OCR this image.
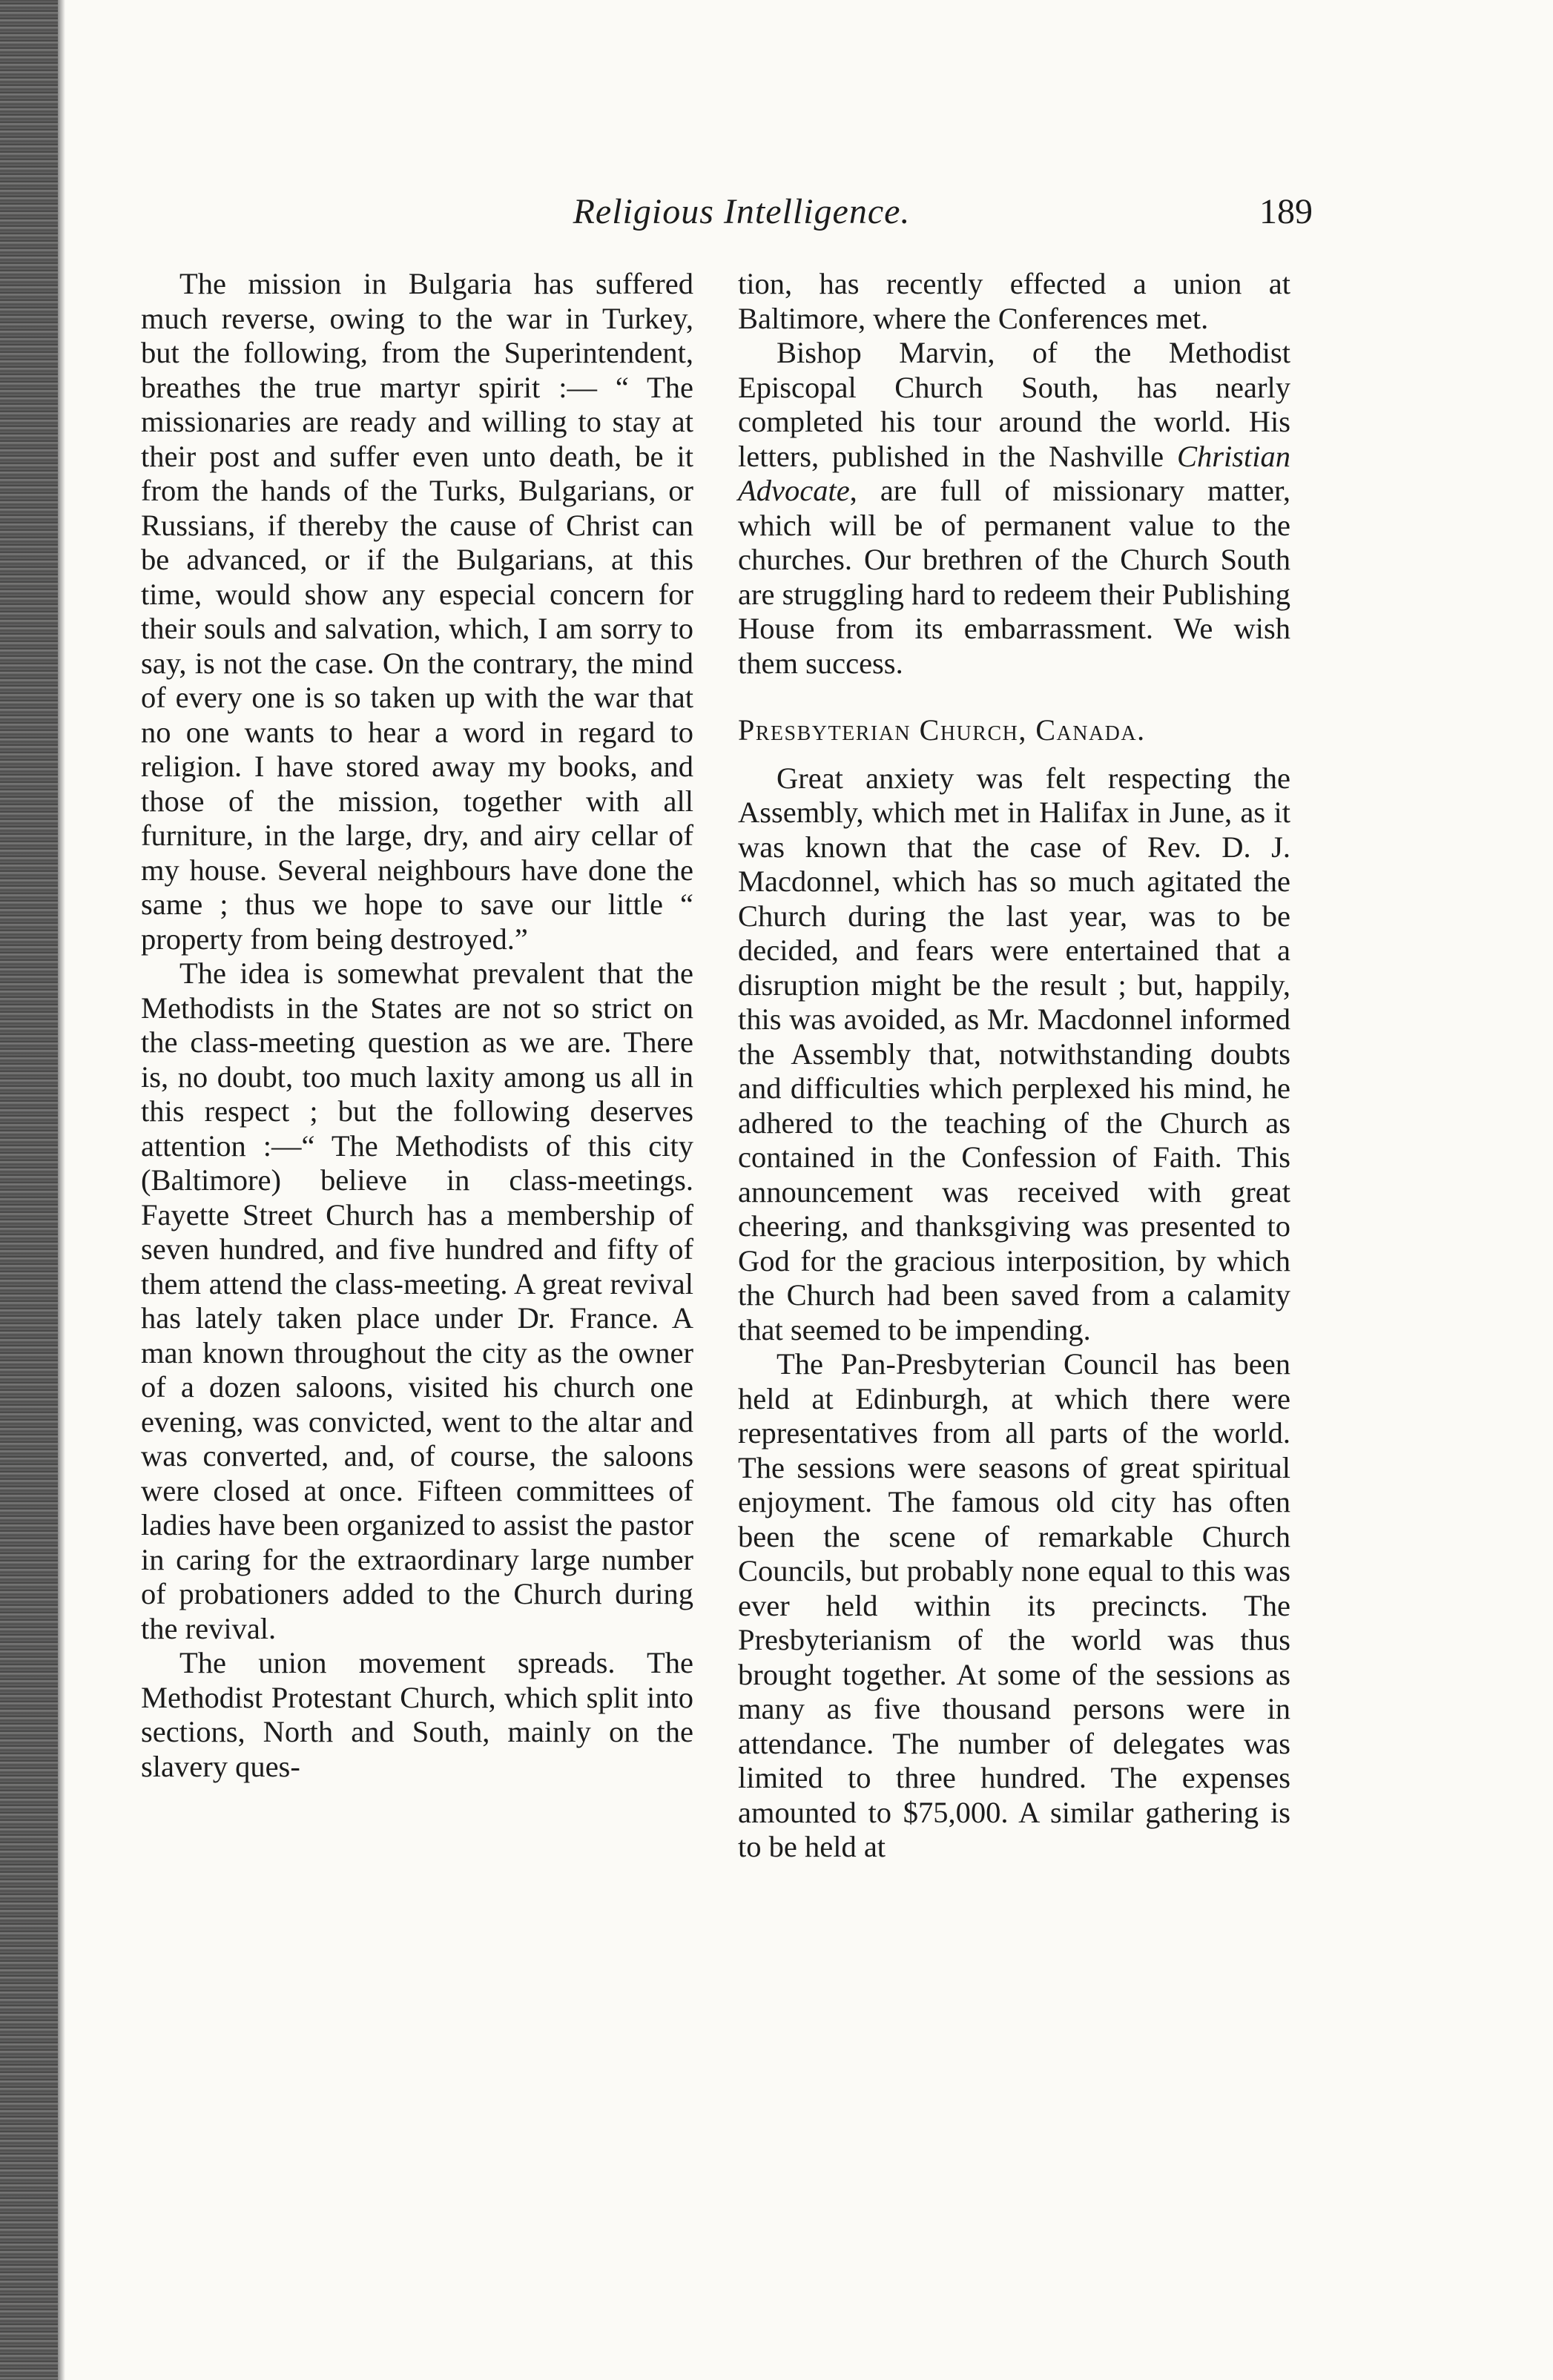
Religious Intelligence.	189

The mission in Bulgaria has suffered much reverse, owing to the war in Turkey, but the following, from the Superintendent, breathes the true martyr spirit :— “ The missionaries are ready and willing to stay at their post and suffer even unto death, be it from the hands of the Turks, Bulgarians, or Russians, if thereby the cause of Christ can be advanced, or if the Bulgarians, at this time, would show any especial concern for their souls and salvation, which, I am sorry to say, is not the case. On the contrary, the mind of every one is so taken up with the war that no one wants to hear a word in regard to religion. I have stored away my books, and those of the mission, together with all furniture, in the large, dry, and airy cellar of my house. Several neighbours have done the same ; thus we hope to save our little “ property from being destroyed.”

The idea is somewhat prevalent that the Methodists in the States are not so strict on the class-meeting question as we are. There is, no doubt, too much laxity among us all in this respect ; but the following deserves attention :—“ The Methodists of this city (Baltimore) believe in class-meetings. Fayette Street Church has a membership of seven hundred, and five hundred and fifty of them attend the class-meeting. A great revival has lately taken place under Dr. France. A man known throughout the city as the owner of a dozen saloons, visited his church one evening, was convicted, went to the altar and was converted, and, of course, the saloons were closed at once. Fifteen committees of ladies have been organized to assist the pastor in caring for the extraordinary large number of probationers added to the Church during the revival.

The union movement spreads. The Methodist Protestant Church, which split into sections, North and South, mainly on the slavery ques-

tion, has recently effected a union at Baltimore, where the Conferences met.

Bishop Marvin, of the Methodist Episcopal Church South, has nearly completed his tour around the world. His letters, published in the Nashville Christian Advocate, are full of missionary matter, which will be of permanent value to the churches. Our brethren of the Church South are struggling hard to redeem their Publishing House from its embarrassment. We wish them success.

Presbyterian Church, Canada.

Great anxiety was felt respecting the Assembly, which met in Halifax in June, as it was known that the case of Rev. D. J. Macdonnel, which has so much agitated the Church during the last year, was to be decided, and fears were entertained that a disruption might be the result ; but, happily, this was avoided, as Mr. Macdonnel informed the Assembly that, notwithstanding doubts and difficulties which perplexed his mind, he adhered to the teaching of the Church as contained in the Confession of Faith. This announcement was received with great cheering, and thanksgiving was presented to God for the gracious interposition, by which the Church had been saved from a calamity that seemed to be impending.

The Pan-Presbyterian Council has been held at Edinburgh, at which there were representatives from all parts of the world. The sessions were seasons of great spiritual enjoyment. The famous old city has often been the scene of remarkable Church Councils, but probably none equal to this was ever held within its precincts. The Presbyterianism of the world was thus brought together. At some of the sessions as many as five thousand persons were in attendance. The number of delegates was limited to three hundred. The expenses amounted to $75,000. A similar gathering is to be held at
